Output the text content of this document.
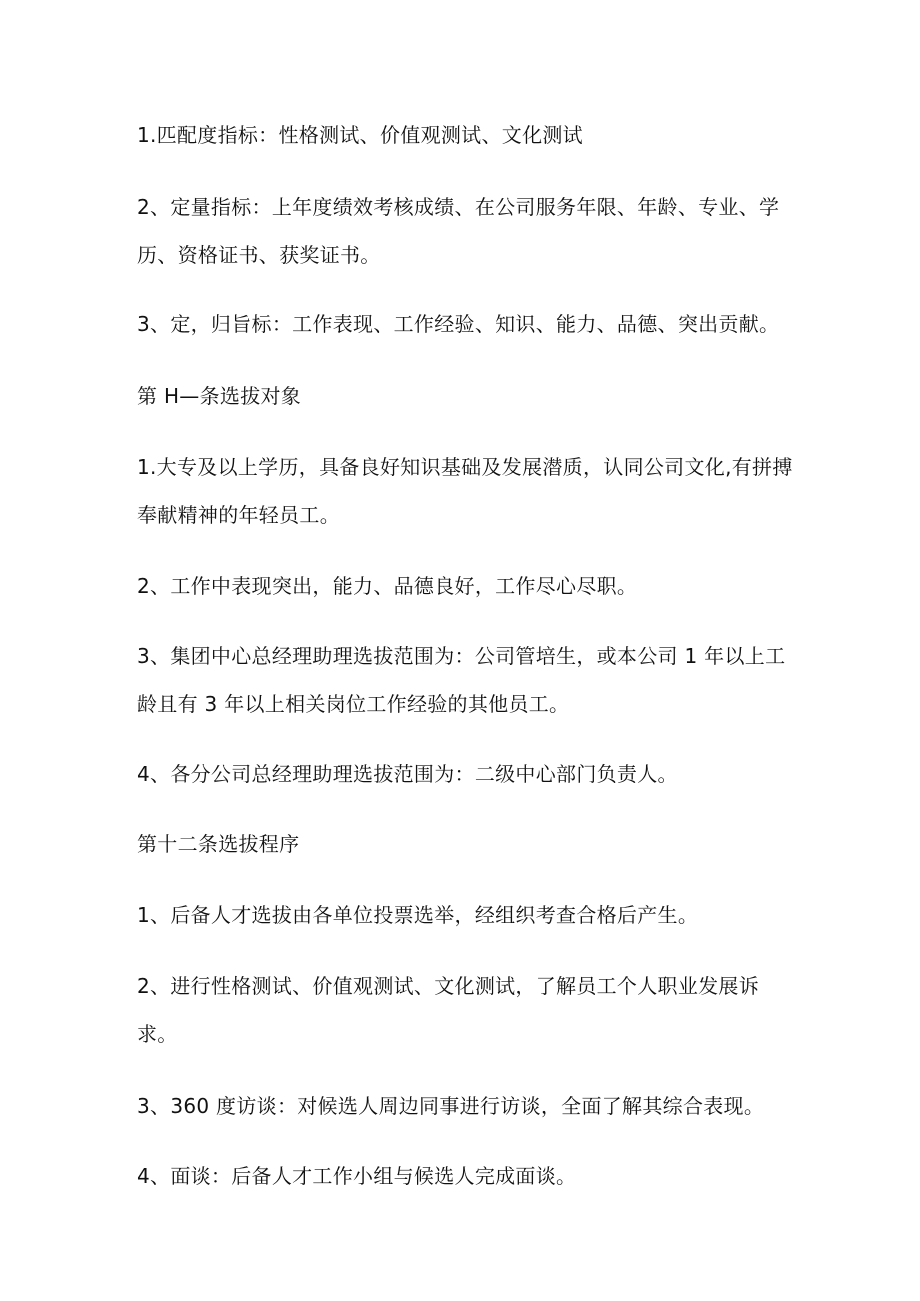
1.匹配度指标：性格测试、价值观测试、文化测试
2、定量指标：上年度绩效考核成绩、在公司服务年限、年龄、专业、学
历、资格证书、获奖证书。
3、定，归旨标：工作表现、工作经验、知识、能力、品德、突出贡献。
第 H—条选拔对象
1.大专及以上学历，具备良好知识基础及发展潜质，认同公司文化,有拼搏
奉献精神的年轻员工。
2、工作中表现突出，能力、品德良好，工作尽心尽职。
3、集团中心总经理助理选拔范围为：公司管培生，或本公司 1 年以上工
龄且有 3 年以上相关岗位工作经验的其他员工。
4、各分公司总经理助理选拔范围为：二级中心部门负责人。
第十二条选拔程序
1、后备人才选拔由各单位投票选举，经组织考查合格后产生。
2、进行性格测试、价值观测试、文化测试，了解员工个人职业发展诉
求。
3、360 度访谈：对候选人周边同事进行访谈，全面了解其综合表现。
4、面谈：后备人才工作小组与候选人完成面谈。
